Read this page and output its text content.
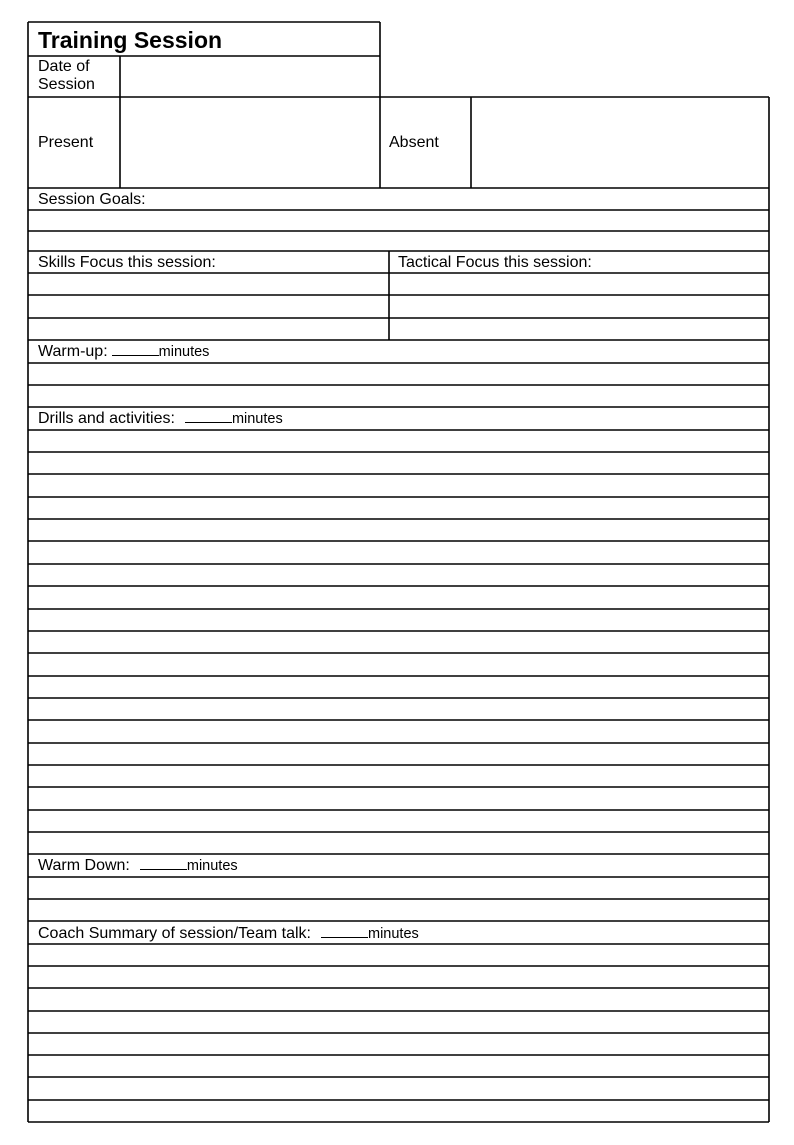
Training Session
Date of
Session
Present	Absent
Session Goals:
Skills Focus this session:	Tactical Focus this session:
Warm-up:	minutes
Drills and activities:	minutes
Warm Down:	minutes
Coach Summary of session/Team talk:	minutes
